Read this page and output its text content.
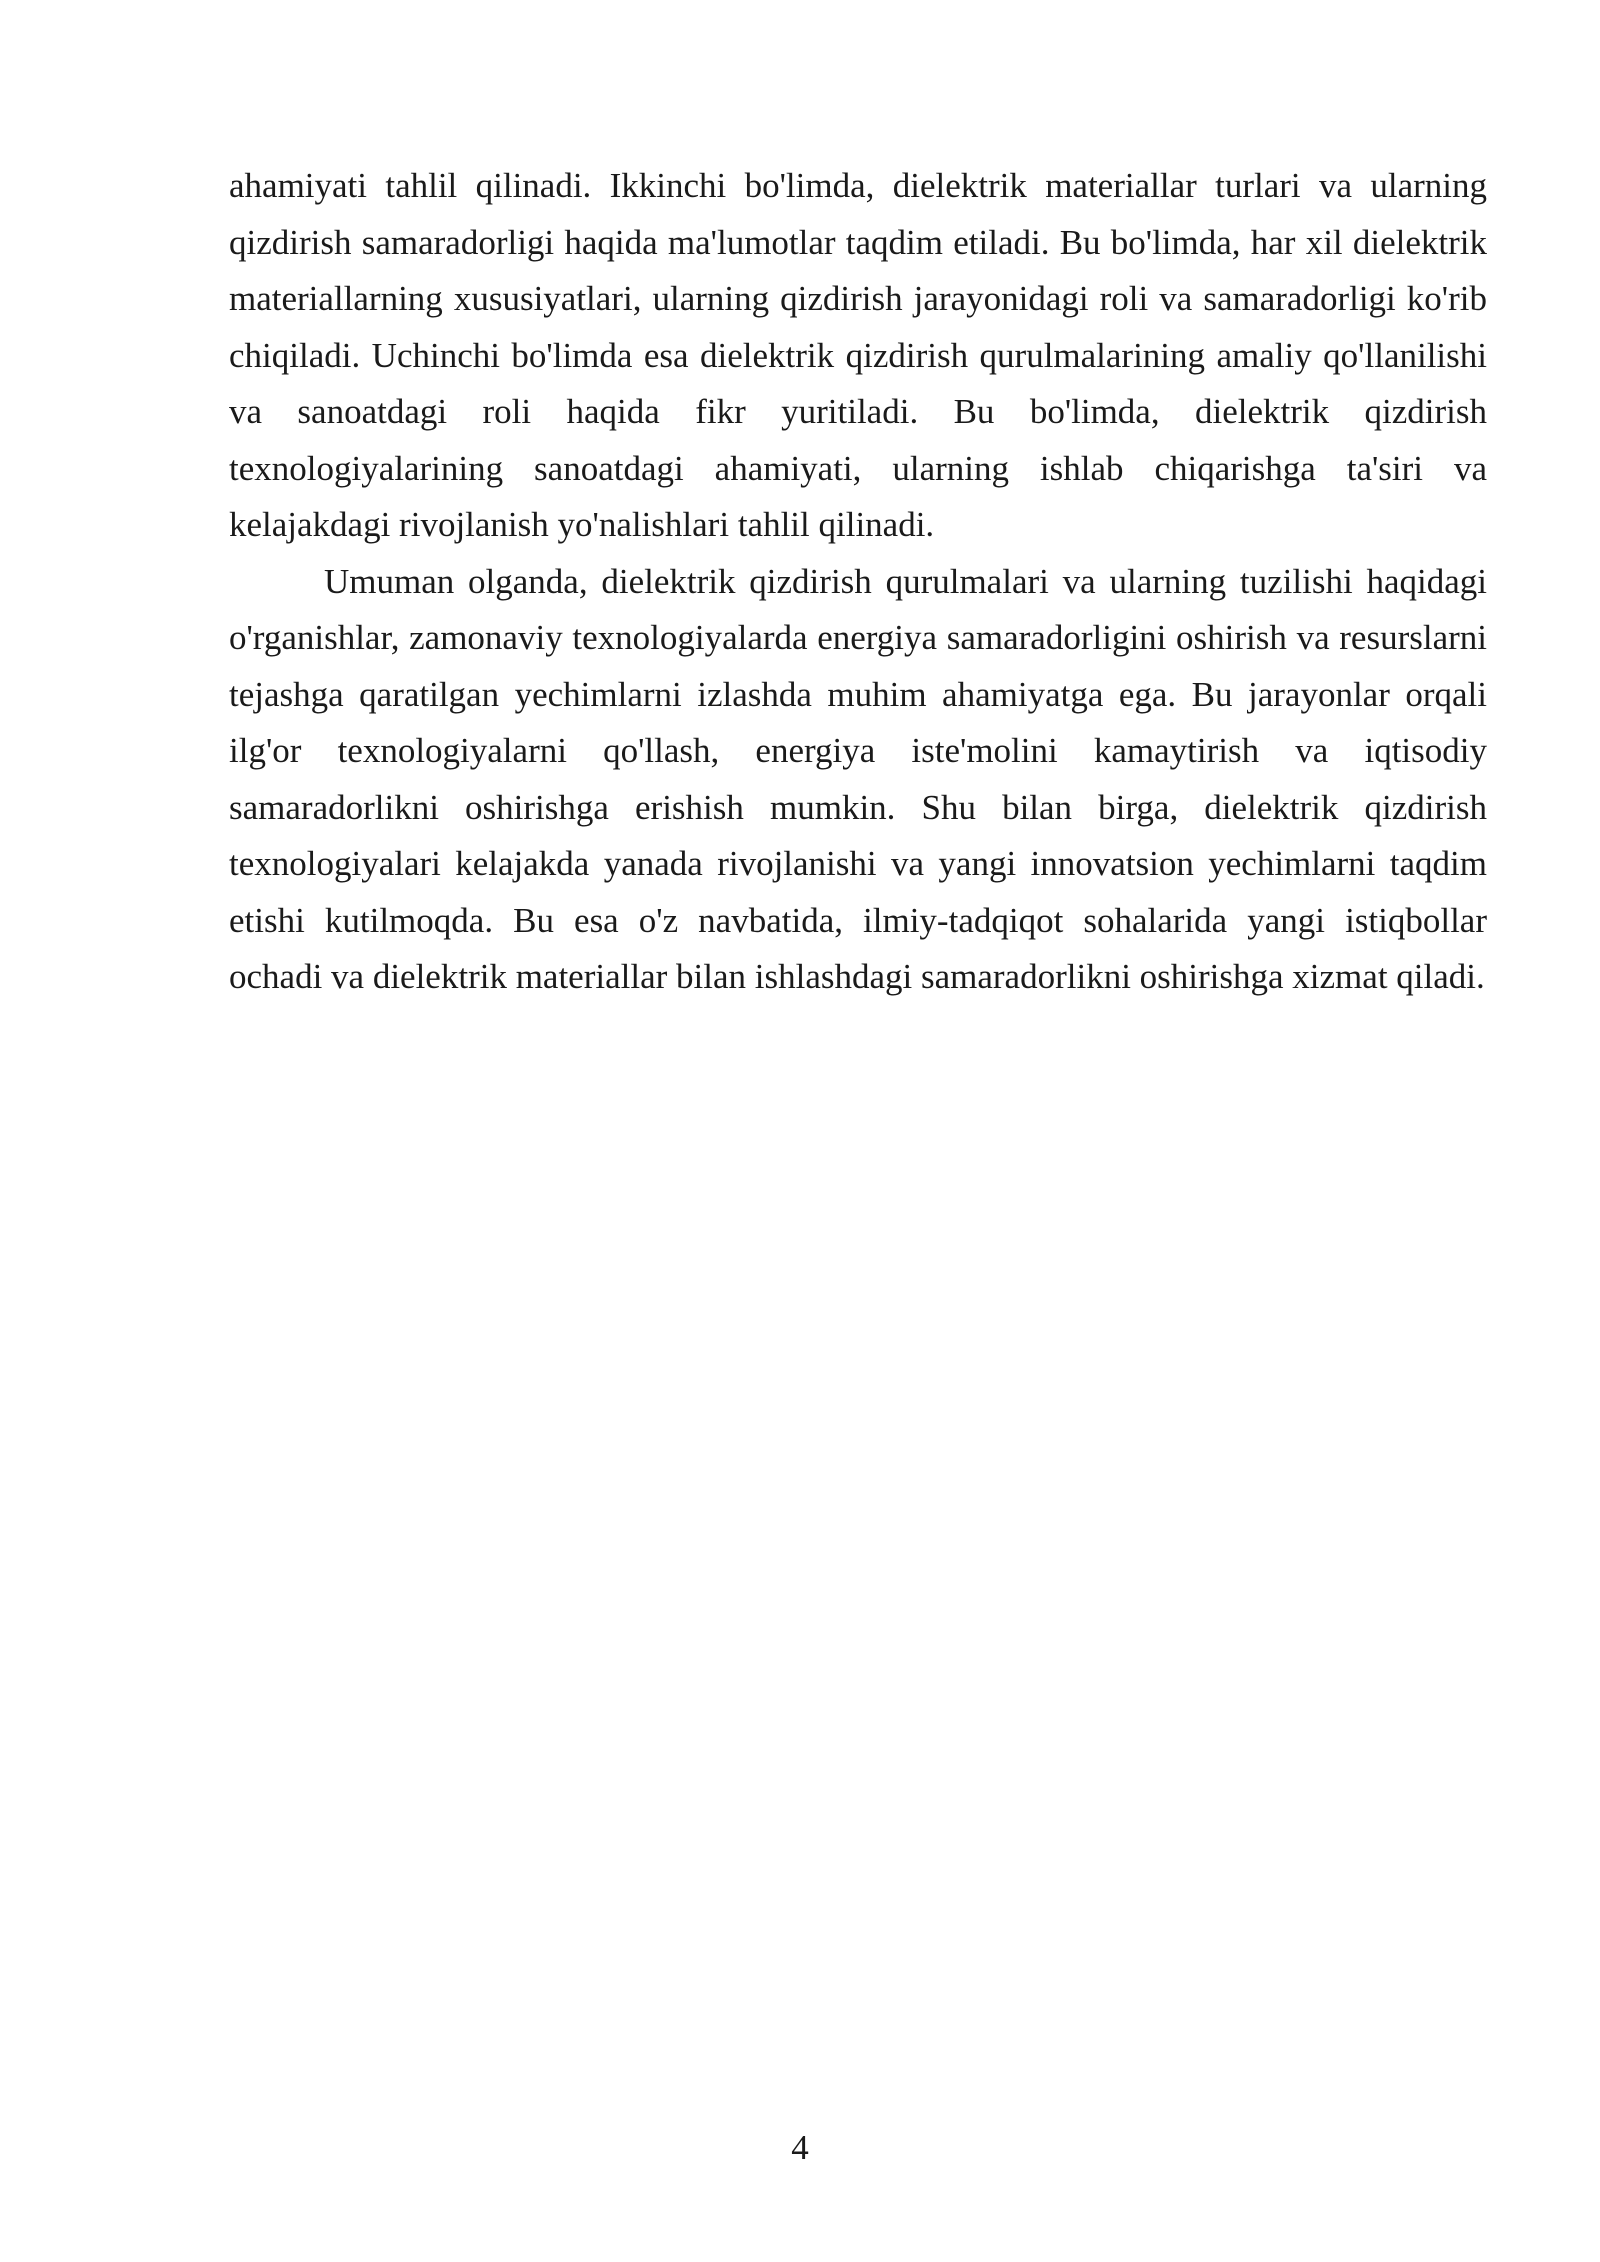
ahamiyati tahlil qilinadi. Ikkinchi bo'limda, dielektrik materiallar turlari va ularning qizdirish samaradorligi haqida ma'lumotlar taqdim etiladi. Bu bo'limda, har xil dielektrik materiallarning xususiyatlari, ularning qizdirish jarayonidagi roli va samaradorligi ko'rib chiqiladi. Uchinchi bo'limda esa dielektrik qizdirish qurulmalarining amaliy qo'llanilishi va sanoatdagi roli haqida fikr yuritiladi. Bu bo'limda, dielektrik qizdirish texnologiyalarining sanoatdagi ahamiyati, ularning ishlab chiqarishga ta'siri va kelajakdagi rivojlanish yo'nalishlari tahlil qilinadi.

Umuman olganda, dielektrik qizdirish qurulmalari va ularning tuzilishi haqidagi o'rganishlar, zamonaviy texnologiyalarda energiya samaradorligini oshirish va resurslarni tejashga qaratilgan yechimlarni izlashda muhim ahamiyatga ega. Bu jarayonlar orqali ilg'or texnologiyalarni qo'llash, energiya iste'molini kamaytirish va iqtisodiy samaradorlikni oshirishga erishish mumkin. Shu bilan birga, dielektrik qizdirish texnologiyalari kelajakda yanada rivojlanishi va yangi innovatsion yechimlarni taqdim etishi kutilmoqda. Bu esa o'z navbatida, ilmiy-tadqiqot sohalarida yangi istiqbollar ochadi va dielektrik materiallar bilan ishlashdagi samaradorlikni oshirishga xizmat qiladi.

4
